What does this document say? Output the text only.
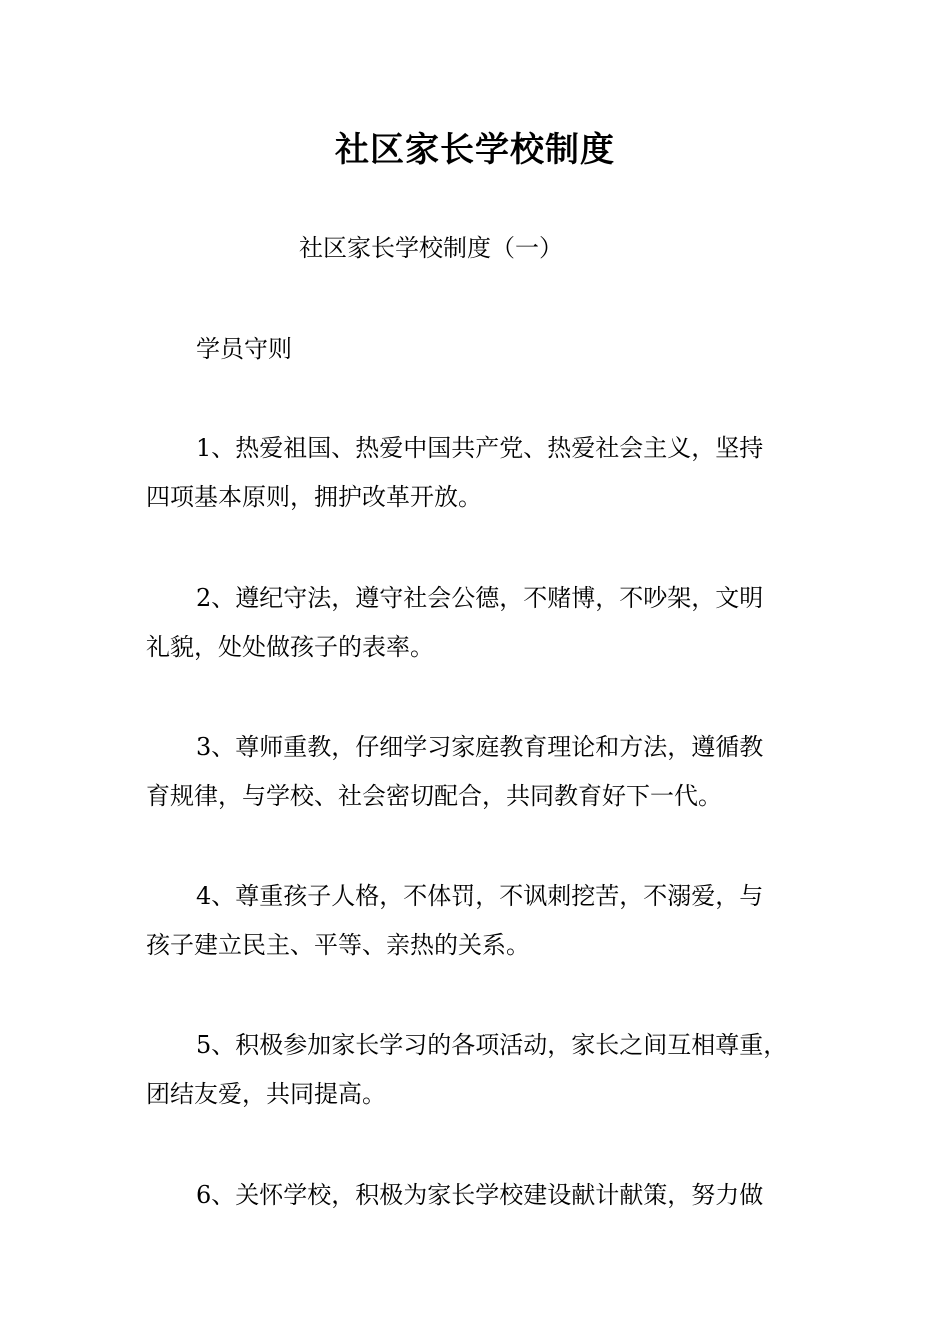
社区家长学校制度
社区家长学校制度（一）
学员守则
1、热爱祖国、热爱中国共产党、热爱社会主义，坚持
四项基本原则，拥护改革开放。
2、遵纪守法，遵守社会公德，不赌博，不吵架，文明
礼貌，处处做孩子的表率。
3、尊师重教，仔细学习家庭教育理论和方法，遵循教
育规律，与学校、社会密切配合，共同教育好下一代。
4、尊重孩子人格，不体罚，不讽刺挖苦，不溺爱，与
孩子建立民主、平等、亲热的关系。
5、积极参加家长学习的各项活动，家长之间互相尊重，
团结友爱，共同提高。
6、关怀学校，积极为家长学校建设献计献策，努力做
